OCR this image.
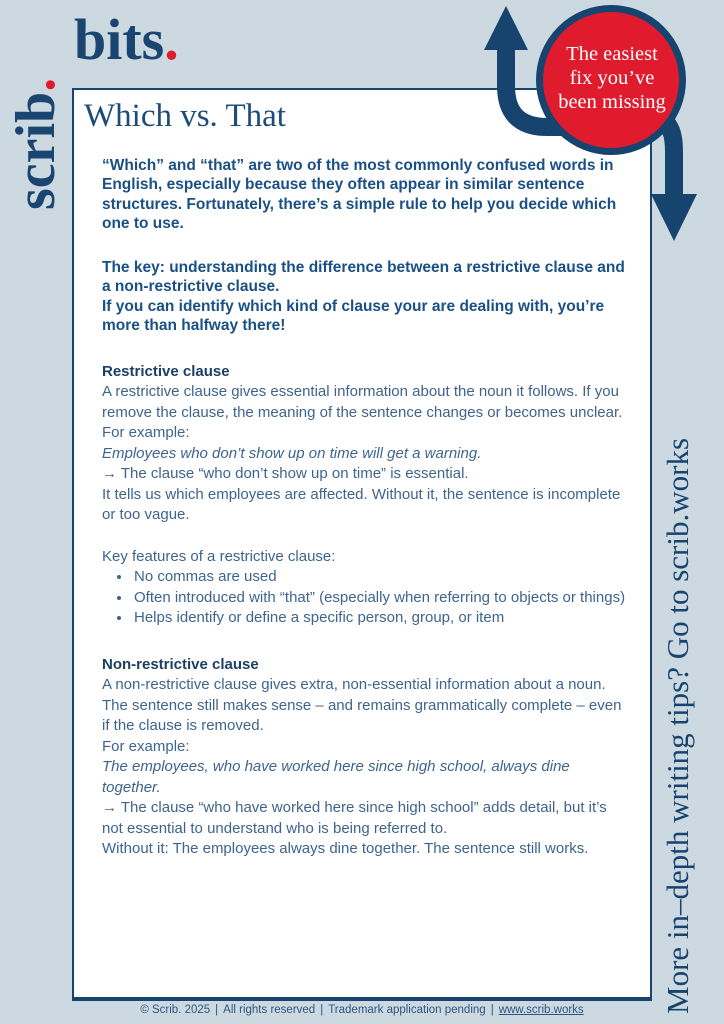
Which vs. That

“Which” and “that” are two of the most commonly confused words in English, especially because they often appear in similar sentence structures. Fortunately, there’s a simple rule to help you decide which one to use.

The key: understanding the difference between a restrictive clause and a non-restrictive clause.
If you can identify which kind of clause your are dealing with, you’re more than halfway there!
Restrictive clause
A restrictive clause gives essential information about the noun it follows. If you remove the clause, the meaning of the sentence changes or becomes unclear.
For example:
Employees who don’t show up on time will get a warning.
→ The clause “who don’t show up on time” is essential.
It tells us which employees are affected. Without it, the sentence is incomplete or too vague.
Key features of a restrictive clause:
• No commas are used
• Often introduced with “that” (especially when referring to objects or things)
• Helps identify or define a specific person, group, or item
Non-restrictive clause
A non-restrictive clause gives extra, non-essential information about a noun. The sentence still makes sense – and remains grammatically complete – even if the clause is removed.
For example:
The employees, who have worked here since high school, always dine together.
→ The clause “who have worked here since high school” adds detail, but it’s not essential to understand who is being referred to.
Without it: The employees always dine together. The sentence still works.
© Scrib. 2025 | All rights reserved | Trademark application pending | www.scrib.works
scrib.
bits.	The easiest
fix you’ve
been missing
More in–depth writing tips? Go to scrib.works
